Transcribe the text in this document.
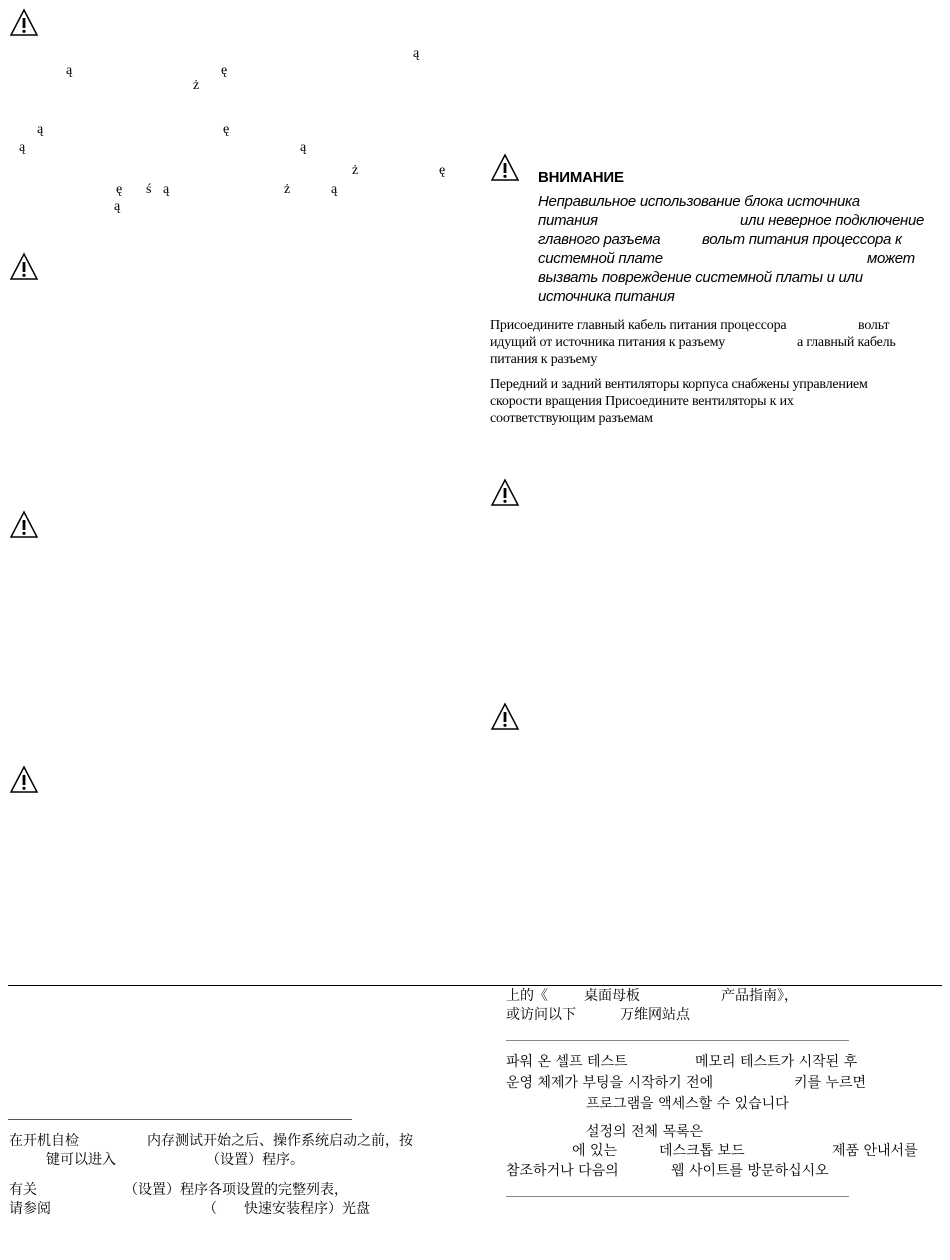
ą
ą
ż
ę
ą	ę
ą	ą
ż	ę
ę ś ą	ż	ą
ą
ВНИМАНИЕ
Неправильное использование блока источника
питания	или неверное подключение
главного разъема	вольт питания процессора к
системной плате	может
вызвать повреждение системной платы и или
источника питания
Присоедините главный кабель питания процессора	вольт
идущий от источника питания к разъему	а главный кабель
питания к разъему
Передний и задний вентиляторы корпуса снабжены управлением
скорости вращения Присоедините вентиляторы к их
соответствующим разъемам
在开机自检	内存测试开始之后、操作系统启动之前，按
键可以进入	（设置）程序。
有关	（设置）程序各项设置的完整列表，
请参阅	（ 快速安装程序）光盘
上的《	桌面母板	产品指南》，
或访问以下	万维网站点
파워 온 셀프 테스트	메모리 테스트가 시작된 후
운영 체제가 부팅을 시작하기 전에	키를 누르면
프로그램을 액세스할 수 있습니다
설정의 전체 목록은
에 있는	데스크톱 보드	제품 안내서를
참조하거나 다음의	웹 사이트를 방문하십시오
